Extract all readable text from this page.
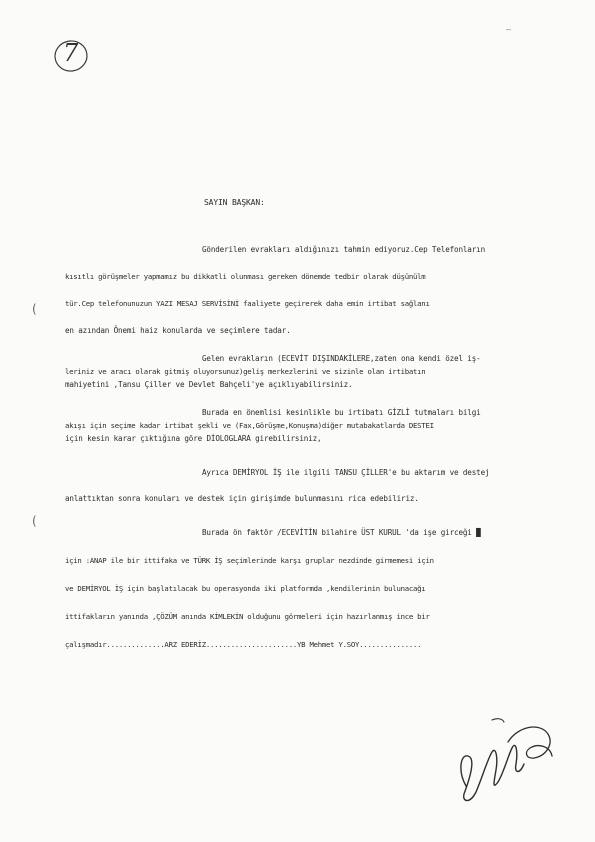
—
7
(
(
SAYIN BAŞKAN:
Gönderilen evrakları aldığınızı tahmin ediyoruz.Cep Telefonların
kısıtlı görüşmeler yapmamız bu dikkatli olunması gereken dönemde tedbir olarak düşünülm
tür.Cep telefonunuzun YAZI MESAJ SERVİSİNİ faaliyete geçirerek daha emin irtibat sağlanı
en azından Önemi haiz konularda ve seçimlere tadar.
Gelen evrakların (ECEVİT DIŞINDAKİLERE,zaten ona kendi özel iş-
leriniz ve aracı olarak gitmiş oluyorsunuz)geliş merkezlerini ve sizinle olan irtibatın
mahiyetini ,Tansu Çiller ve Devlet Bahçeli'ye açıklıyabilirsiniz.
Burada en önemlisi kesinlikle bu irtibatı GİZLİ tutmaları bilgi
akışı için seçime kadar irtibat şekli ve (Fax,Görüşme,Konuşma)diğer mutabakatlarda DESTEI
için kesin karar çıktığına göre DİOLOGLARA girebilirsiniz,
Ayrıca DEMİRYOL İŞ ile ilgili TANSU ÇİLLER'e bu aktarım ve destej
anlattıktan sonra konuları ve destek için girişimde bulunmasını rica edebiliriz.
Burada ön faktör /ECEVİTİN bilahire ÜST KURUL 'da işe girceği █
için :ANAP ile bir ittifaka ve TÜRK İŞ seçimlerinde karşı gruplar nezdinde girmemesi için
ve DEMİRYOL İŞ için başlatılacak bu operasyonda iki platformda ,kendilerinin bulunacağı
ittifakların yanında ,ÇÖZÜM anında KİMLEKİN olduğunu görmeleri için hazırlanmış ince bir
çalışmadır..............ARZ EDERİZ......................YB Mehmet Y.SOY...............
